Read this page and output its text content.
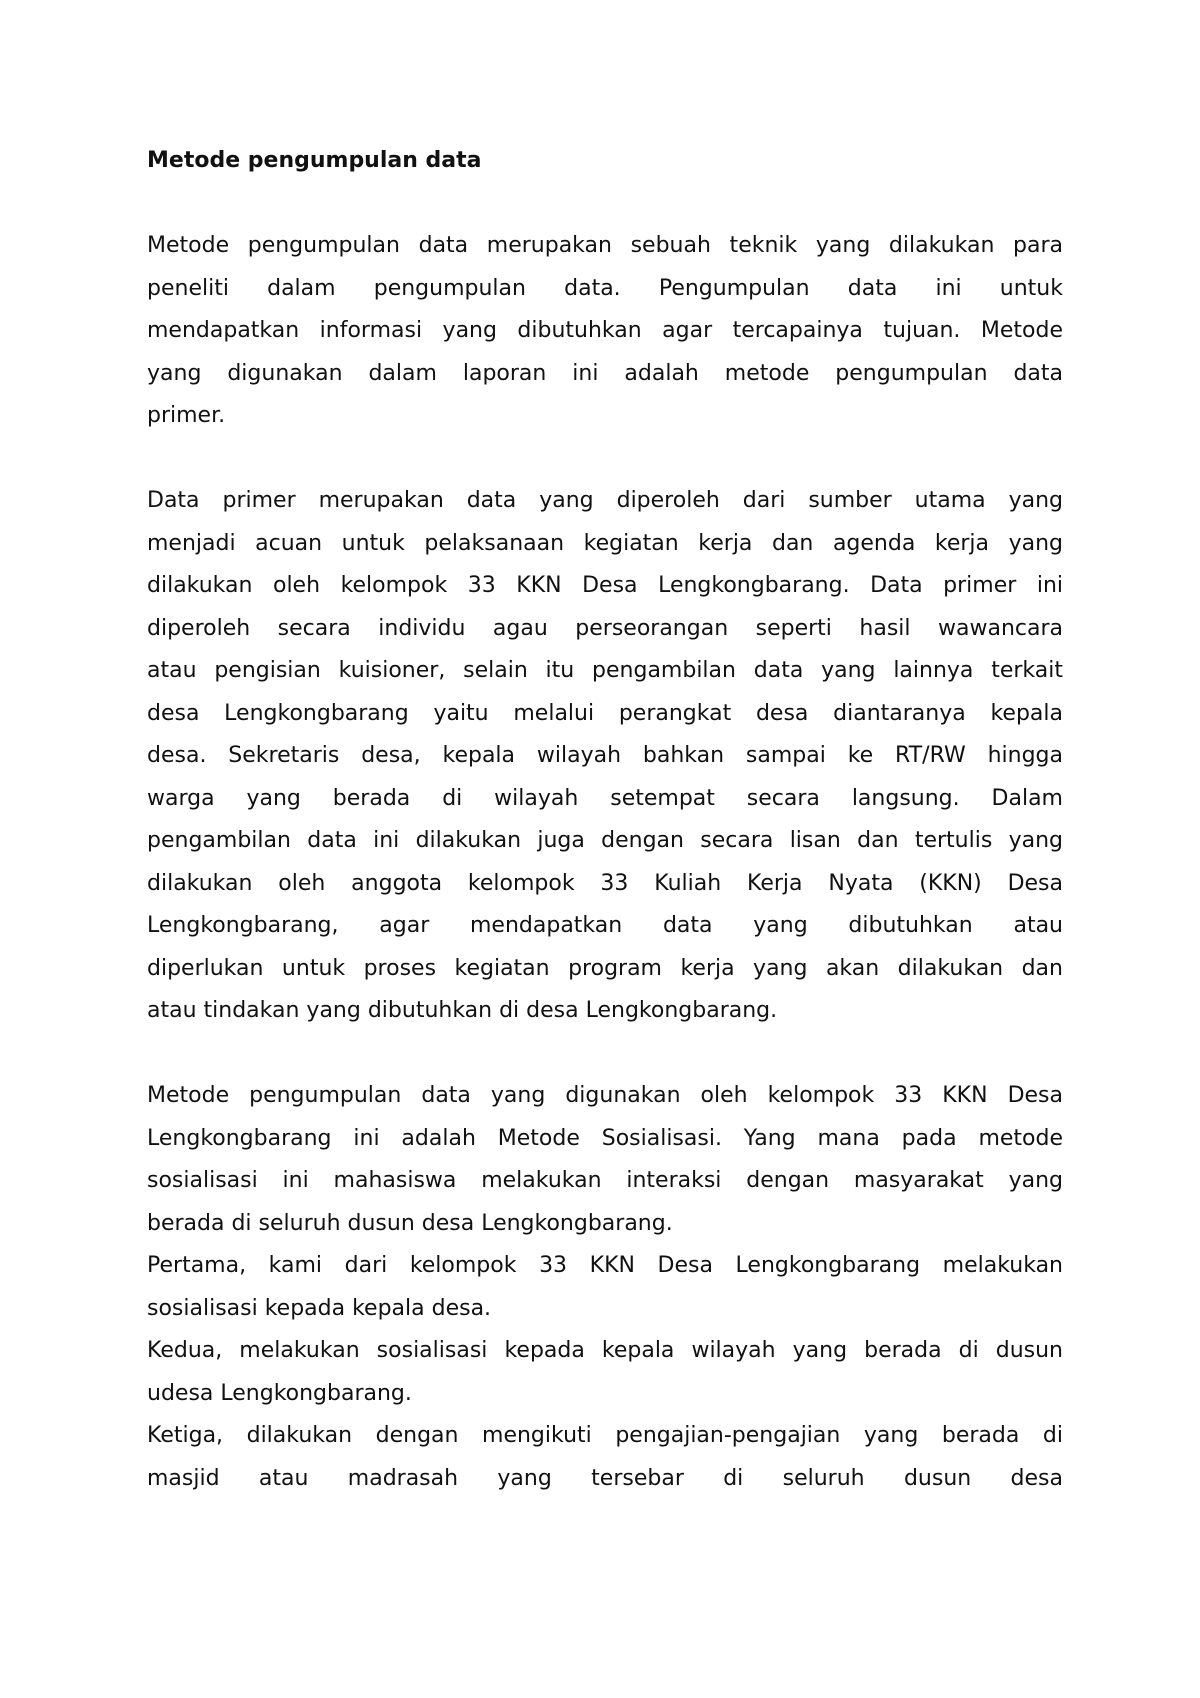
Metode pengumpulan data
Metode pengumpulan data merupakan sebuah teknik yang dilakukan para
peneliti dalam pengumpulan data. Pengumpulan data ini untuk
mendapatkan informasi yang dibutuhkan agar tercapainya tujuan. Metode
yang digunakan dalam laporan ini adalah metode pengumpulan data
primer.
Data primer merupakan data yang diperoleh dari sumber utama yang
menjadi acuan untuk pelaksanaan kegiatan kerja dan agenda kerja yang
dilakukan oleh kelompok 33 KKN Desa Lengkongbarang. Data primer ini
diperoleh secara individu agau perseorangan seperti hasil wawancara
atau pengisian kuisioner, selain itu pengambilan data yang lainnya terkait
desa Lengkongbarang yaitu melalui perangkat desa diantaranya kepala
desa. Sekretaris desa, kepala wilayah bahkan sampai ke RT/RW hingga
warga yang berada di wilayah setempat secara langsung. Dalam
pengambilan data ini dilakukan juga dengan secara lisan dan tertulis yang
dilakukan oleh anggota kelompok 33 Kuliah Kerja Nyata (KKN) Desa
Lengkongbarang, agar mendapatkan data yang dibutuhkan atau
diperlukan untuk proses kegiatan program kerja yang akan dilakukan dan
atau tindakan yang dibutuhkan di desa Lengkongbarang.
Metode pengumpulan data yang digunakan oleh kelompok 33 KKN Desa
Lengkongbarang ini adalah Metode Sosialisasi. Yang mana pada metode
sosialisasi ini mahasiswa melakukan interaksi dengan masyarakat yang
berada di seluruh dusun desa Lengkongbarang.
Pertama, kami dari kelompok 33 KKN Desa Lengkongbarang melakukan
sosialisasi kepada kepala desa.
Kedua, melakukan sosialisasi kepada kepala wilayah yang berada di dusun
udesa Lengkongbarang.
Ketiga, dilakukan dengan mengikuti pengajian-pengajian yang berada di
masjid atau madrasah yang tersebar di seluruh dusun desa
